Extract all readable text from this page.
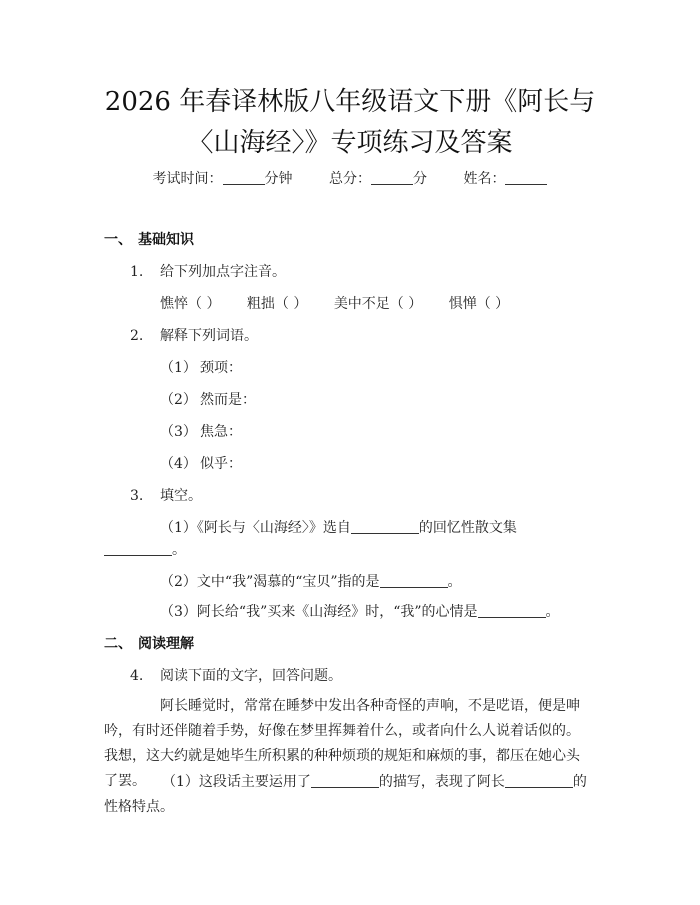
2026 年春译林版八年级语文下册《阿长与
〈山海经〉》专项练习及答案
考试时间：	分钟	总分：	分	姓名：
一、 基础知识
1. 给下列加点字注音。
憔悴（ ） 粗拙（ ） 美中不足（ ） 惧惮（ ）
2. 解释下列词语。
（1） 颈项：
（2） 然而是：
（3） 焦急：
（4） 似乎：
3. 填空。
（1）《阿长与〈山海经〉》选自	的回忆性散文集
。
（2）文中“我”渴慕的“宝贝”指的是	。
（3）阿长给“我”买来《山海经》时，“我”的心情是	。
二、 阅读理解
4. 阅读下面的文字，回答问题。
阿长睡觉时，常常在睡梦中发出各种奇怪的声响，不是呓语，便是呻吟，有时还伴随着手势，好像在梦里挥舞着什么，或者向什么人说着话似的。我想，这大约就是她毕生所积累的种种烦琐的规矩和麻烦的事，都压在她心头了罢。	（1）这段话主要运用了	的描写，表现了阿长	的性格特点。
